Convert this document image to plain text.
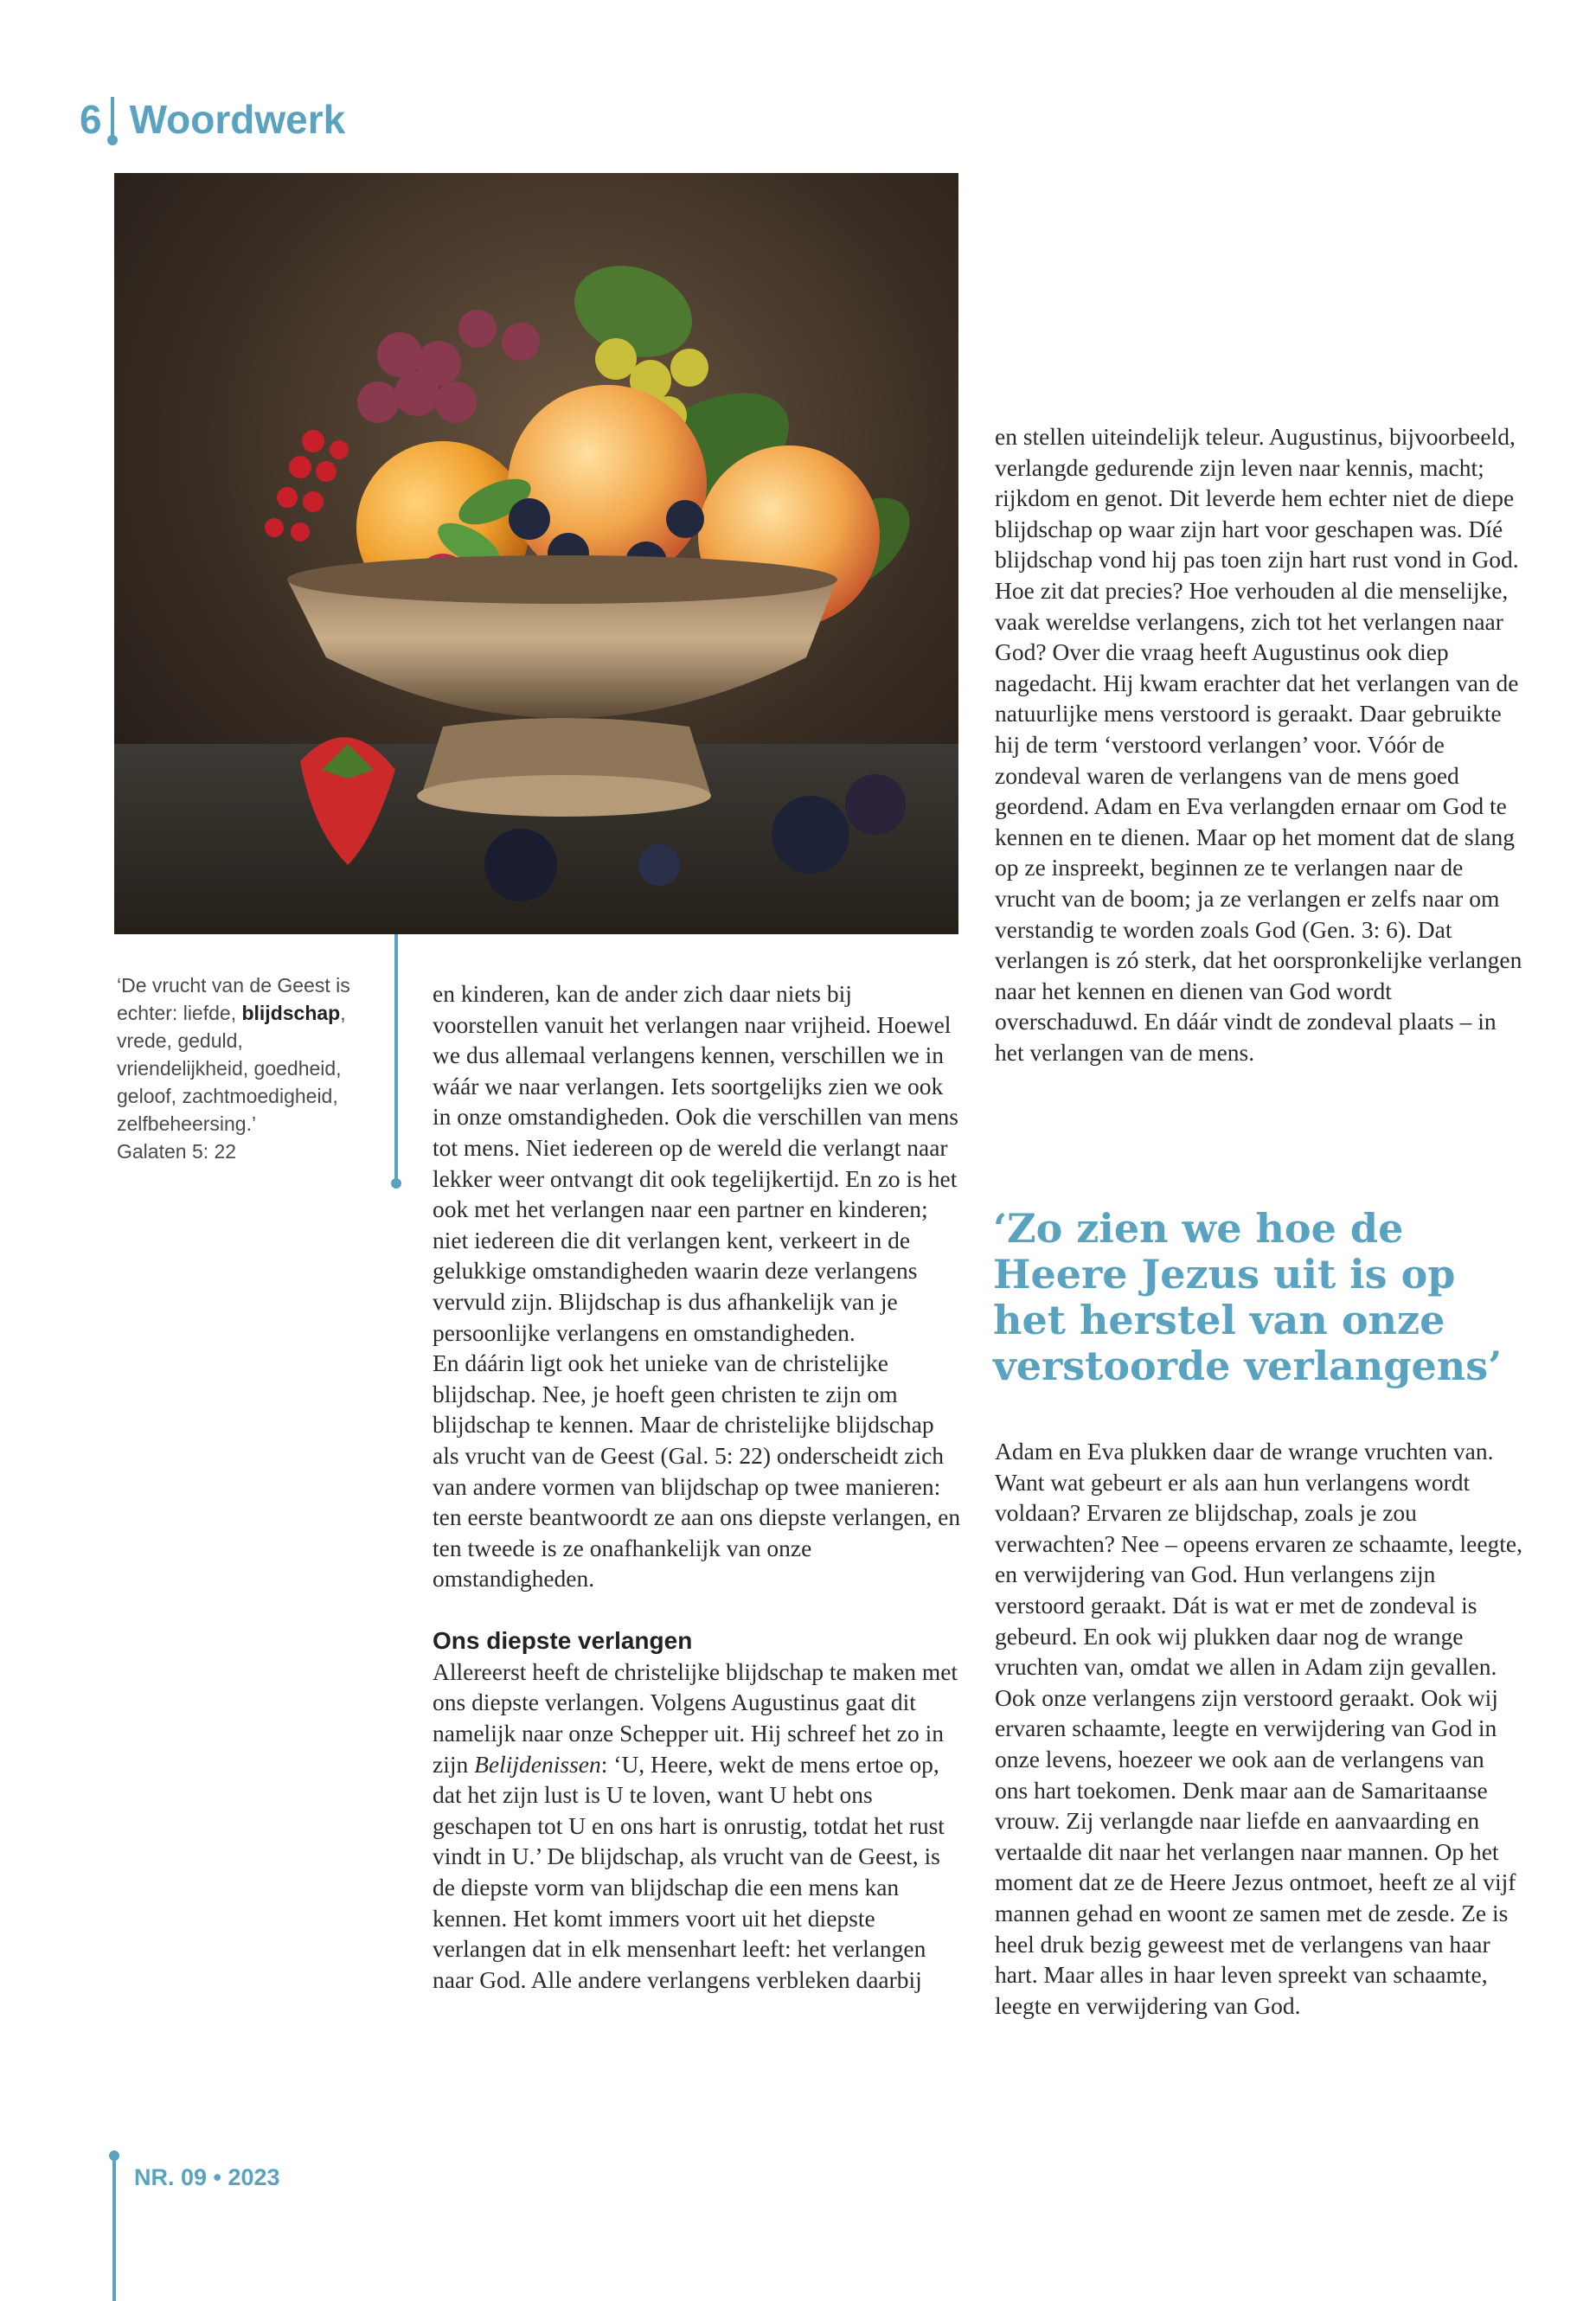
6 Woordwerk
‘De vrucht van de Geest is echter: liefde, blijdschap, vrede, geduld, vriendelijkheid, goedheid, geloof, zachtmoedigheid, zelfbeheersing.’
Galaten 5: 22

en kinderen, kan de ander zich daar niets bij voorstellen vanuit het verlangen naar vrijheid. Hoewel we dus allemaal verlangens kennen, verschillen we in wáár we naar verlangen. Iets soortgelijks zien we ook in onze omstandigheden. Ook die verschillen van mens tot mens. Niet iedereen op de wereld die verlangt naar lekker weer ontvangt dit ook tegelijkertijd. En zo is het ook met het verlangen naar een partner en kinderen; niet iedereen die dit verlangen kent, verkeert in de gelukkige omstandigheden waarin deze verlangens vervuld zijn. Blijdschap is dus afhankelijk van je persoonlijke verlangens en omstandigheden.

En dáárin ligt ook het unieke van de christelijke blijdschap. Nee, je hoeft geen christen te zijn om blijdschap te kennen. Maar de christelijke blijdschap als vrucht van de Geest (Gal. 5: 22) onderscheidt zich van andere vormen van blijdschap op twee manieren: ten eerste beantwoordt ze aan ons diepste verlangen, en ten tweede is ze onafhankelijk van onze omstandigheden.

Ons diepste verlangen

Allereerst heeft de christelijke blijdschap te maken met ons diepste verlangen. Volgens Augustinus gaat dit namelijk naar onze Schepper uit. Hij schreef het zo in zijn Belijdenissen: ‘U, Heere, wekt de mens ertoe op, dat het zijn lust is U te loven, want U hebt ons geschapen tot U en ons hart is onrustig, totdat het rust vindt in U.’ De blijdschap, als vrucht van de Geest, is de diepste vorm van blijdschap die een mens kan kennen. Het komt immers voort uit het diepste verlangen dat in elk mensenhart leeft: het verlangen naar God. Alle andere verlangens verbleken daarbij

en stellen uiteindelijk teleur. Augustinus, bijvoorbeeld, verlangde gedurende zijn leven naar kennis, macht; rijkdom en genot. Dit leverde hem echter niet de diepe blijdschap op waar zijn hart voor geschapen was. Díé blijdschap vond hij pas toen zijn hart rust vond in God.

Hoe zit dat precies? Hoe verhouden al die menselijke, vaak wereldse verlangens, zich tot het verlangen naar God? Over die vraag heeft Augustinus ook diep nagedacht. Hij kwam erachter dat het verlangen van de natuurlijke mens verstoord is geraakt. Daar gebruikte hij de term ‘verstoord verlangen’ voor. Vóór de zondeval waren de verlangens van de mens goed geordend. Adam en Eva verlangden ernaar om God te kennen en te dienen. Maar op het moment dat de slang op ze inspreekt, beginnen ze te verlangen naar de vrucht van de boom; ja ze verlangen er zelfs naar om verstandig te worden zoals God (Gen. 3: 6). Dat verlangen is zó sterk, dat het oorspronkelijke verlangen naar het kennen en dienen van God wordt overschaduwd. En dáár vindt de zondeval plaats – in het verlangen van de mens.

‘Zo zien we hoe de Heere Jezus uit is op het herstel van onze verstoorde verlangens’

Adam en Eva plukken daar de wrange vruchten van. Want wat gebeurt er als aan hun verlangens wordt voldaan? Ervaren ze blijdschap, zoals je zou verwachten? Nee – opeens ervaren ze schaamte, leegte, en verwijdering van God. Hun verlangens zijn verstoord geraakt. Dát is wat er met de zondeval is gebeurd. En ook wij plukken daar nog de wrange vruchten van, omdat we allen in Adam zijn gevallen. Ook onze verlangens zijn verstoord geraakt. Ook wij ervaren schaamte, leegte en verwijdering van God in onze levens, hoezeer we ook aan de verlangens van ons hart toekomen. Denk maar aan de Samaritaanse vrouw. Zij verlangde naar liefde en aanvaarding en vertaalde dit naar het verlangen naar mannen. Op het moment dat ze de Heere Jezus ontmoet, heeft ze al vijf mannen gehad en woont ze samen met de zesde. Ze is heel druk bezig geweest met de verlangens van haar hart. Maar alles in haar leven spreekt van schaamte, leegte en verwijdering van God.

NR. 09 • 2023
